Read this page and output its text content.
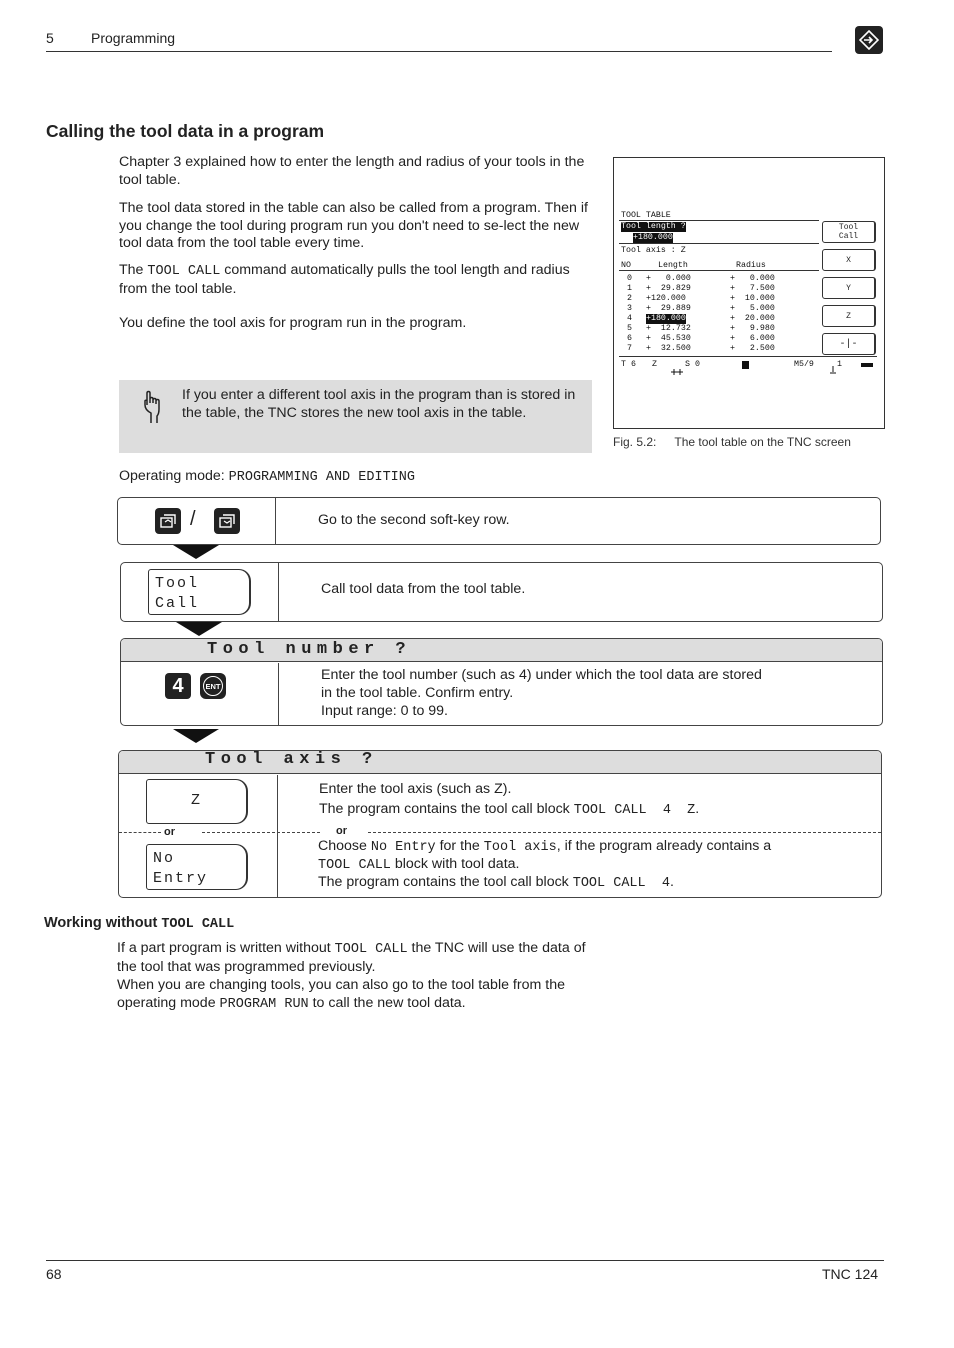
5	Programming
Calling the tool data in a program

Chapter 3 explained how to enter the length and radius of your tools in the tool table.

The tool data stored in the table can also be called from a program. Then if you change the tool during program run you don't need to se-lect the new tool data from the tool table every time.

The TOOL CALL command automatically pulls the tool length and radius from the tool table.

You define the tool axis for program run in the program.

If you enter a different tool axis in the program than is stored in the table, the TNC stores the new tool axis in the table.

TOOL TABLE
Tool length ?
+180.000
Tool axis : Z
NO	Length	Radius
0 +   0.000	+   0.000
1 +  29.829	+   7.500
2 +120.000	+  10.000
3 +  29.889	+   5.000
4 +180.000	+  20.000
5 +  12.732	+   9.980
6 +  45.530	+   6.000
7 +  32.500	+   2.500
T 6 Z	S 0	M5/9	1
Tool
Call
X
Y
Z
-|-
Fig. 5.2: The tool table on the TNC screen
Operating mode: PROGRAMMING AND EDITING
/	Go to the second soft-key row.
Tool
Call
Call tool data from the tool table.
Tool number ?
4	ENT
Enter the tool number (such as 4) under which the tool data are stored
in the tool table. Confirm entry.
Input range: 0 to 99.
Tool axis ?
Z
Enter the tool axis (such as Z).
The program contains the tool call block TOOL CALL  4  Z.
or	or
No
Entry
Choose No Entry for the Tool axis, if the program already contains a
TOOL CALL block with tool data.
The program contains the tool call block TOOL CALL  4.
Working without TOOL CALL

If a part program is written without TOOL CALL the TNC will use the data of the tool that was programmed previously.

When you are changing tools, you can also go to the tool table from the operating mode PROGRAM RUN to call the new tool data.

68	TNC 124
